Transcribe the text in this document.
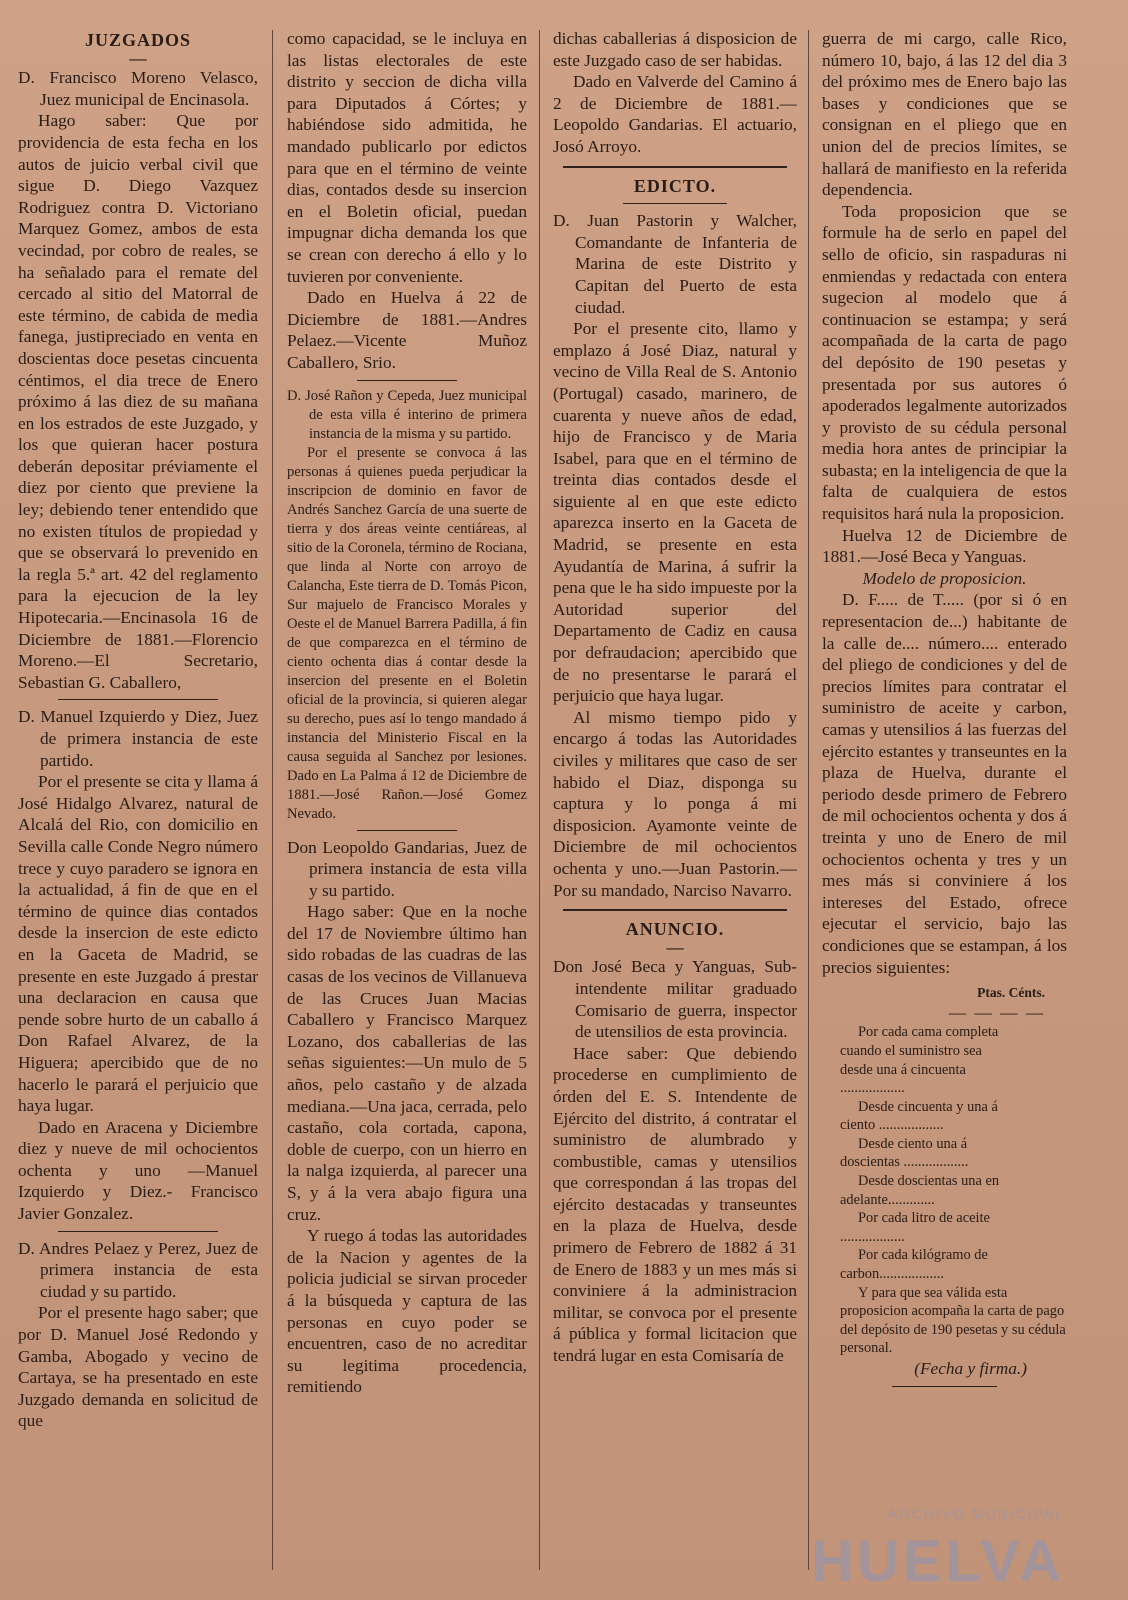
JUZGADOS

—

D. Francisco Moreno Velasco, Juez municipal de Encinasola.

Hago saber: Que por providencia de esta fecha en los autos de juicio verbal civil que sigue D. Diego Vazquez Rodriguez contra D. Victoriano Marquez Gomez, ambos de esta vecindad, por cobro de reales, se ha señalado para el remate del cercado al sitio del Matorral de este término, de cabida de media fanega, justipreciado en venta en doscientas doce pesetas cincuenta céntimos, el dia trece de Enero próximo á las diez de su mañana en los estrados de este Juzgado, y los que quieran hacer postura deberán depositar préviamente el diez por ciento que previene la ley; debiendo tener entendido que no existen títulos de propiedad y que se observará lo prevenido en la regla 5.ª art. 42 del reglamento para la ejecucion de la ley Hipotecaria.—Encinasola 16 de Diciembre de 1881.—Florencio Moreno.—El Secretario, Sebastian G. Caballero,

D. Manuel Izquierdo y Diez, Juez de primera instancia de este partido.

Por el presente se cita y llama á José Hidalgo Alvarez, natural de Alcalá del Rio, con domicilio en Sevilla calle Conde Negro número trece y cuyo paradero se ignora en la actualidad, á fin de que en el término de quince dias contados desde la insercion de este edicto en la Gaceta de Madrid, se presente en este Juzgado á prestar una declaracion en causa que pende sobre hurto de un caballo á Don Rafael Alvarez, de la Higuera; apercibido que de no hacerlo le parará el perjuicio que haya lugar.

Dado en Aracena y Diciembre diez y nueve de mil ochocientos ochenta y uno —Manuel Izquierdo y Diez.- Francisco Javier Gonzalez.

D. Andres Pelaez y Perez, Juez de primera instancia de esta ciudad y su partido.

Por el presente hago saber; que por D. Manuel José Redondo y Gamba, Abogado y vecino de Cartaya, se ha presentado en este Juzgado demanda en solicitud de que

como capacidad, se le incluya en las listas electorales de este distrito y seccion de dicha villa para Diputados á Córtes; y habiéndose sido admitida, he mandado publicarlo por edictos para que en el término de veinte dias, contados desde su insercion en el Boletin oficial, puedan impugnar dicha demanda los que se crean con derecho á ello y lo tuvieren por conveniente.

Dado en Huelva á 22 de Diciembre de 1881.—Andres Pelaez.—Vicente Muñoz Caballero, Srio.

D. José Rañon y Cepeda, Juez municipal de esta villa é interino de primera instancia de la misma y su partido.

Por el presente se convoca á las personas á quienes pueda perjudicar la inscripcion de dominio en favor de Andrés Sanchez García de una suerte de tierra y dos áreas veinte centiáreas, al sitio de la Coronela, término de Rociana, que linda al Norte con arroyo de Calancha, Este tierra de D. Tomás Picon, Sur majuelo de Francisco Morales y Oeste el de Manuel Barrera Padilla, á fin de que comparezca en el término de ciento ochenta dias á contar desde la insercion del presente en el Boletin oficial de la provincia, si quieren alegar su derecho, pues así lo tengo mandado á instancia del Ministerio Fiscal en la causa seguida al Sanchez por lesiones. Dado en La Palma á 12 de Diciembre de 1881.—José Rañon.—José Gomez Nevado.

Don Leopoldo Gandarias, Juez de primera instancia de esta villa y su partido.

Hago saber: Que en la noche del 17 de Noviembre último han sido robadas de las cuadras de las casas de los vecinos de Villanueva de las Cruces Juan Macias Caballero y Francisco Marquez Lozano, dos caballerias de las señas siguientes:—Un mulo de 5 años, pelo castaño y de alzada mediana.—Una jaca, cerrada, pelo castaño, cola cortada, capona, doble de cuerpo, con un hierro en la nalga izquierda, al parecer una S, y á la vera abajo figura una cruz.

Y ruego á todas las autoridades de la Nacion y agentes de la policia judicial se sirvan proceder á la búsqueda y captura de las personas en cuyo poder se encuentren, caso de no acreditar su legitima procedencia, remitiendo

dichas caballerias á disposicion de este Juzgado caso de ser habidas.

Dado en Valverde del Camino á 2 de Diciembre de 1881.—Leopoldo Gandarias. El actuario, Josó Arroyo.

EDICTO.

D. Juan Pastorin y Walcher, Comandante de Infanteria de Marina de este Distrito y Capitan del Puerto de esta ciudad.

Por el presente cito, llamo y emplazo á José Diaz, natural y vecino de Villa Real de S. Antonio (Portugal) casado, marinero, de cuarenta y nueve años de edad, hijo de Francisco y de Maria Isabel, para que en el término de treinta dias contados desde el siguiente al en que este edicto aparezca inserto en la Gaceta de Madrid, se presente en esta Ayudantía de Marina, á sufrir la pena que le ha sido impueste por la Autoridad superior del Departamento de Cadiz en causa por defraudacion; apercibido que de no presentarse le parará el perjuicio que haya lugar.

Al mismo tiempo pido y encargo á todas las Autoridades civiles y militares que caso de ser habido el Diaz, disponga su captura y lo ponga á mi disposicion. Ayamonte veinte de Diciembre de mil ochocientos ochenta y uno.—Juan Pastorin.—Por su mandado, Narciso Navarro.

ANUNCIO.

—

Don José Beca y Yanguas, Sub-intendente militar graduado Comisario de guerra, inspector de utensilios de esta provincia.

Hace saber: Que debiendo procederse en cumplimiento de órden del E. S. Intendente de Ejército del distrito, á contratar el suministro de alumbrado y combustible, camas y utensilios que correspondan á las tropas del ejército destacadas y transeuntes en la plaza de Huelva, desde primero de Febrero de 1882 á 31 de Enero de 1883 y un mes más si conviniere á la administracion militar, se convoca por el presente á pública y formal licitacion que tendrá lugar en esta Comisaría de

guerra de mi cargo, calle Rico, número 10, bajo, á las 12 del dia 3 del próximo mes de Enero bajo las bases y condiciones que se consignan en el pliego que en union del de precios límites, se hallará de manifiesto en la referida dependencia.

Toda proposicion que se formule ha de serlo en papel del sello de oficio, sin raspaduras ni enmiendas y redactada con entera sugecion al modelo que á continuacion se estampa; y será acompañada de la carta de pago del depósito de 190 pesetas y presentada por sus autores ó apoderados legalmente autorizados y provisto de su cédula personal media hora antes de principiar la subasta; en la inteligencia de que la falta de cualquiera de estos requisitos hará nula la proposicion.

Huelva 12 de Diciembre de 1881.—José Beca y Yanguas.

Modelo de proposicion.

D. F..... de T..... (por si ó en representacion de...) habitante de la calle de.... número.... enterado del pliego de condiciones y del de precios límites para contratar el suministro de aceite y carbon, camas y utensilios á las fuerzas del ejército estantes y transeuntes en la plaza de Huelva, durante el periodo desde primero de Febrero de mil ochocientos ochenta y dos á treinta y uno de Enero de mil ochocientos ochenta y tres y un mes más si conviniere á los intereses del Estado, ofrece ejecutar el servicio, bajo las condiciones que se estampan, á los precios siguientes:

Ptas. Cénts.

— — — —

Por cada cama completa cuando el suministro sea desde una á cincuenta ..................

Desde cincuenta y una á ciento ..................

Desde ciento una á doscientas ..................

Desde doscientas una en adelante.............

Por cada litro de aceite ..................

Por cada kilógramo de carbon..................

Y para que sea válida esta proposicion acompaña la carta de pago del depósito de 190 pesetas y su cédula personal.

(Fecha y firma.)

ARCHIVO MUNICIPAL
HUELVA
